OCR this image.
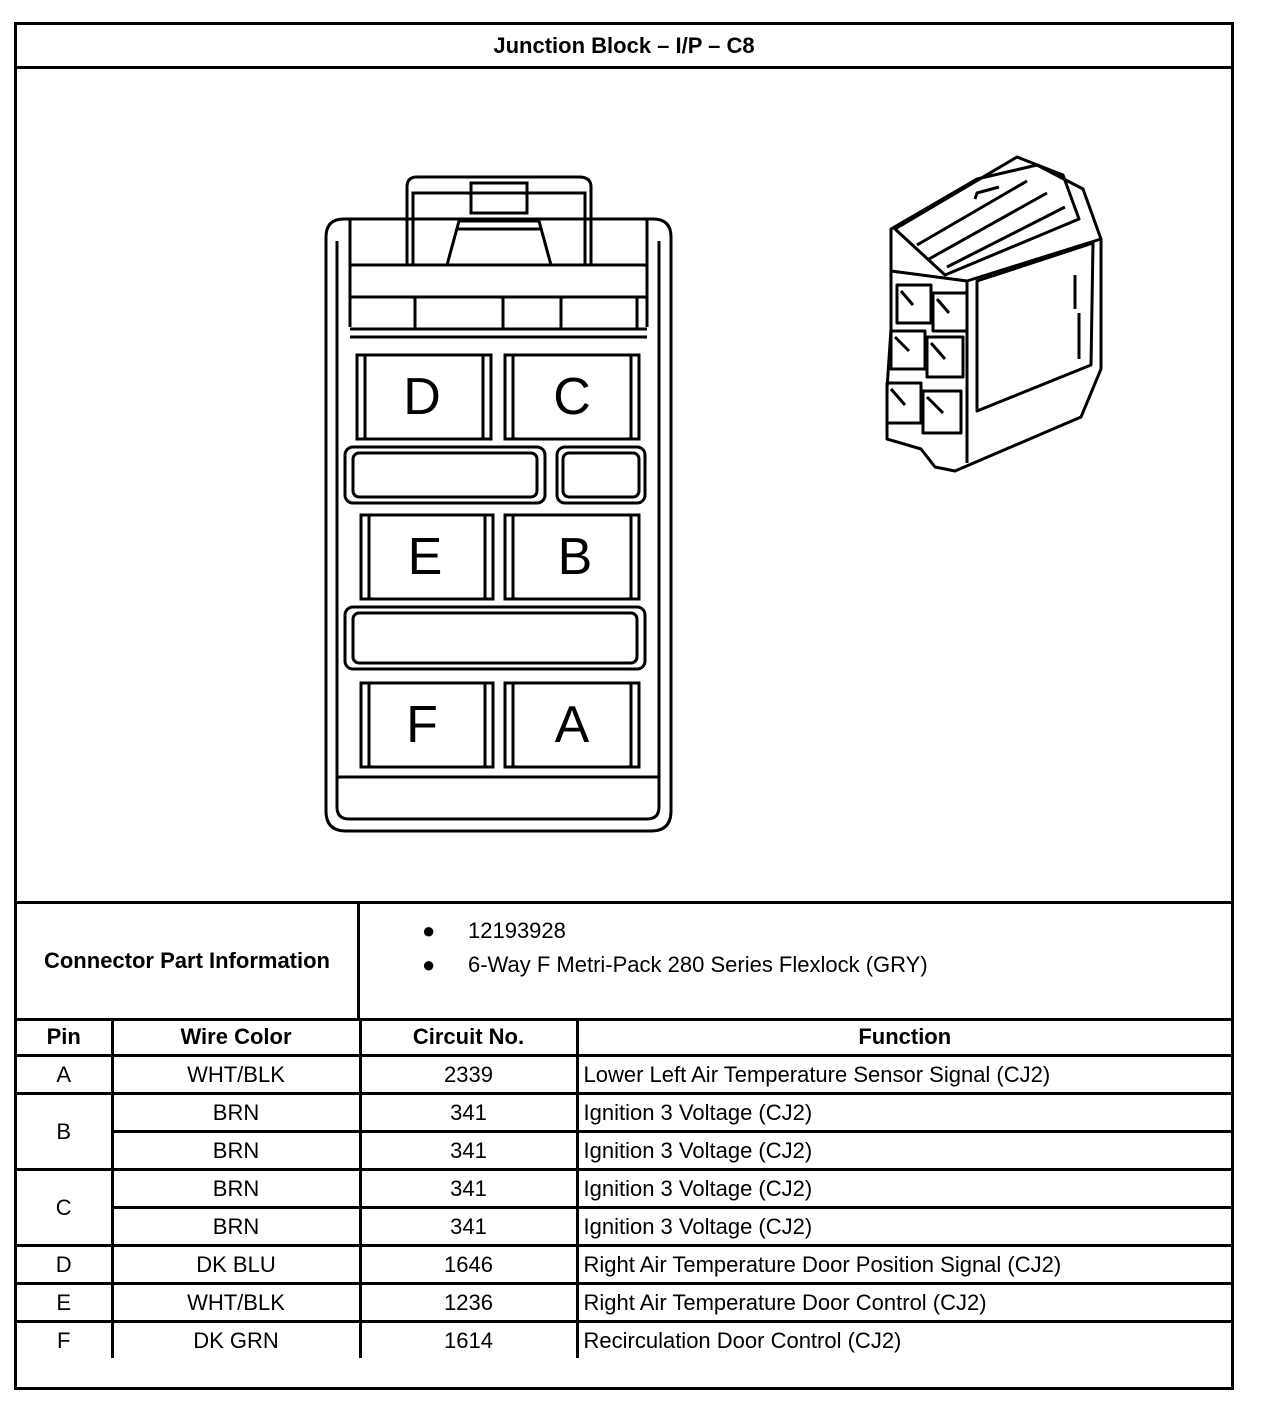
Junction Block – I/P – C8
D C
E B
F A
Connector Part Information
● 12193928
● 6-Way F Metri-Pack 280 Series Flexlock (GRY)
Pin	Wire Color	Circuit No.	Function
A	WHT/BLK	2339	Lower Left Air Temperature Sensor Signal (CJ2)
B	BRN	341	Ignition 3 Voltage (CJ2)
	BRN	341	Ignition 3 Voltage (CJ2)
C	BRN	341	Ignition 3 Voltage (CJ2)
	BRN	341	Ignition 3 Voltage (CJ2)
D	DK BLU	1646	Right Air Temperature Door Position Signal (CJ2)
E	WHT/BLK	1236	Right Air Temperature Door Control (CJ2)
F	DK GRN	1614	Recirculation Door Control (CJ2)
